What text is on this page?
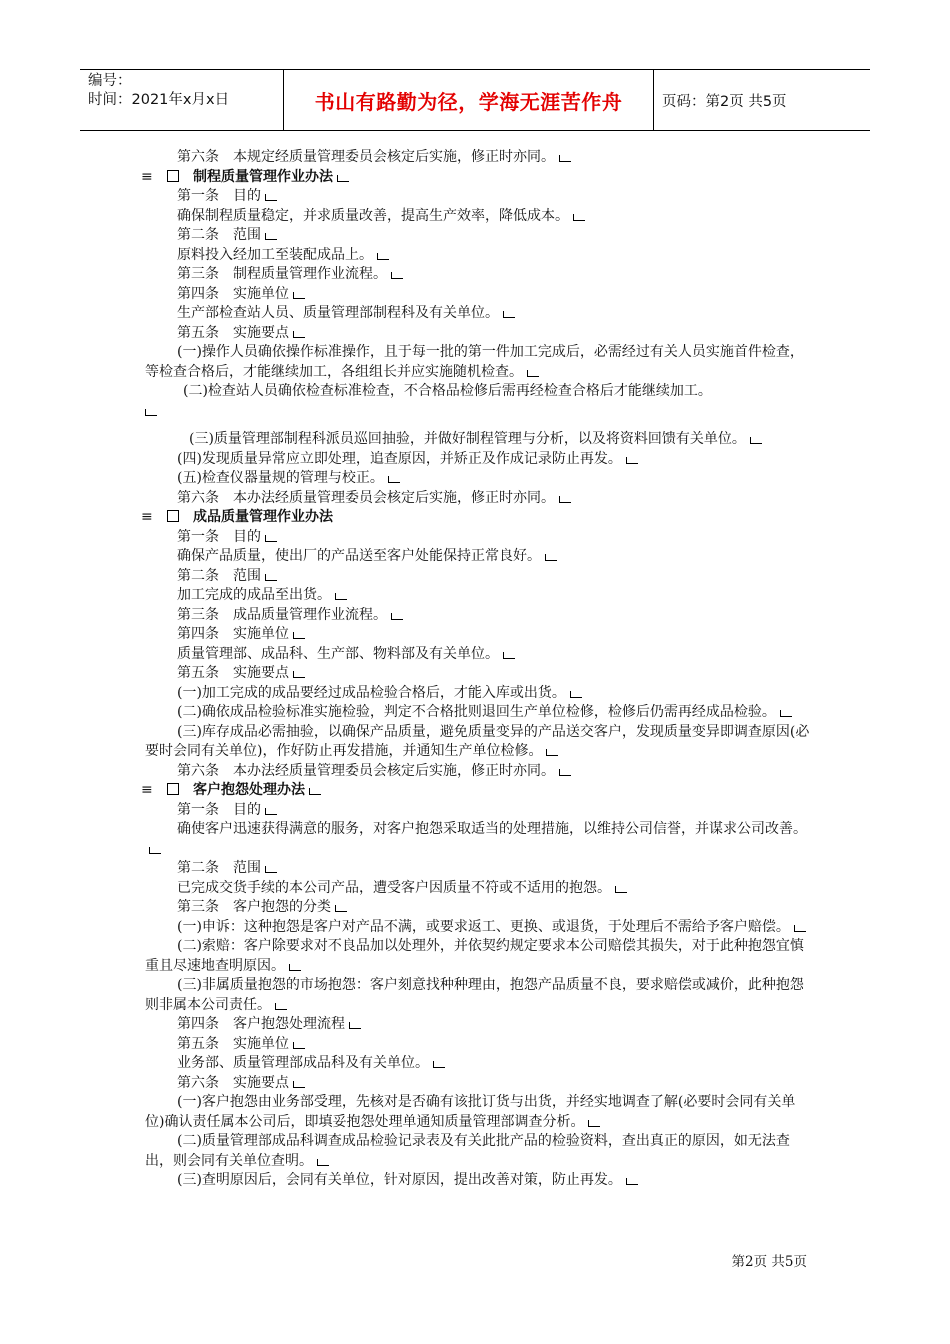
编号：
时间：2021年x月x日	书山有路勤为径，学海无涯苦作舟	页码：第2页 共5页

第六条　本规定经质量管理委员会核定后实施，修正时亦同。

≡	制程质量管理作业办法

第一条　目的

确保制程质量稳定，并求质量改善，提高生产效率，降低成本。

第二条　范围

原料投入经加工至装配成品上。

第三条　制程质量管理作业流程。

第四条　实施单位

生产部检查站人员、质量管理部制程科及有关单位。

第五条　实施要点

(一)操作人员确依操作标准操作，且于每一批的第一件加工完成后，必需经过有关人员实施首件检查，等检查合格后，才能继续加工，各组组长并应实施随机检查。

(二)检查站人员确依检查标准检查，不合格品检修后需再经检查合格后才能继续加工。

(三)质量管理部制程科派员巡回抽验，并做好制程管理与分析，以及将资料回馈有关单位。

(四)发现质量异常应立即处理，追查原因，并矫正及作成记录防止再发。

(五)检查仪器量规的管理与校正。

第六条　本办法经质量管理委员会核定后实施，修正时亦同。

≡	成品质量管理作业办法

第一条　目的

确保产品质量，使出厂的产品送至客户处能保持正常良好。

第二条　范围

加工完成的成品至出货。

第三条　成品质量管理作业流程。

第四条　实施单位

质量管理部、成品科、生产部、物料部及有关单位。

第五条　实施要点

(一)加工完成的成品要经过成品检验合格后，才能入库或出货。

(二)确依成品检验标准实施检验，判定不合格批则退回生产单位检修，检修后仍需再经成品检验。

(三)库存成品必需抽验，以确保产品质量，避免质量变异的产品送交客户，发现质量变异即调查原因(必要时会同有关单位)，作好防止再发措施，并通知生产单位检修。

第六条　本办法经质量管理委员会核定后实施，修正时亦同。

≡	客户抱怨处理办法

第一条　目的

确使客户迅速获得满意的服务，对客户抱怨采取适当的处理措施，以维持公司信誉，并谋求公司改善。

第二条　范围

已完成交货手续的本公司产品，遭受客户因质量不符或不适用的抱怨。

第三条　客户抱怨的分类

(一)申诉：这种抱怨是客户对产品不满，或要求返工、更换、或退货，于处理后不需给予客户赔偿。

(二)索赔：客户除要求对不良品加以处理外，并依契约规定要求本公司赔偿其损失，对于此种抱怨宜慎重且尽速地查明原因。

(三)非属质量抱怨的市场抱怨：客户刻意找种种理由，抱怨产品质量不良，要求赔偿或减价，此种抱怨则非属本公司责任。

第四条　客户抱怨处理流程

第五条　实施单位

业务部、质量管理部成品科及有关单位。

第六条　实施要点

(一)客户抱怨由业务部受理，先核对是否确有该批订货与出货，并经实地调查了解(必要时会同有关单位)确认责任属本公司后，即填妥抱怨处理单通知质量管理部调查分析。

(二)质量管理部成品科调查成品检验记录表及有关此批产品的检验资料，查出真正的原因，如无法查出，则会同有关单位查明。

(三)查明原因后，会同有关单位，针对原因，提出改善对策，防止再发。

第2页 共5页
